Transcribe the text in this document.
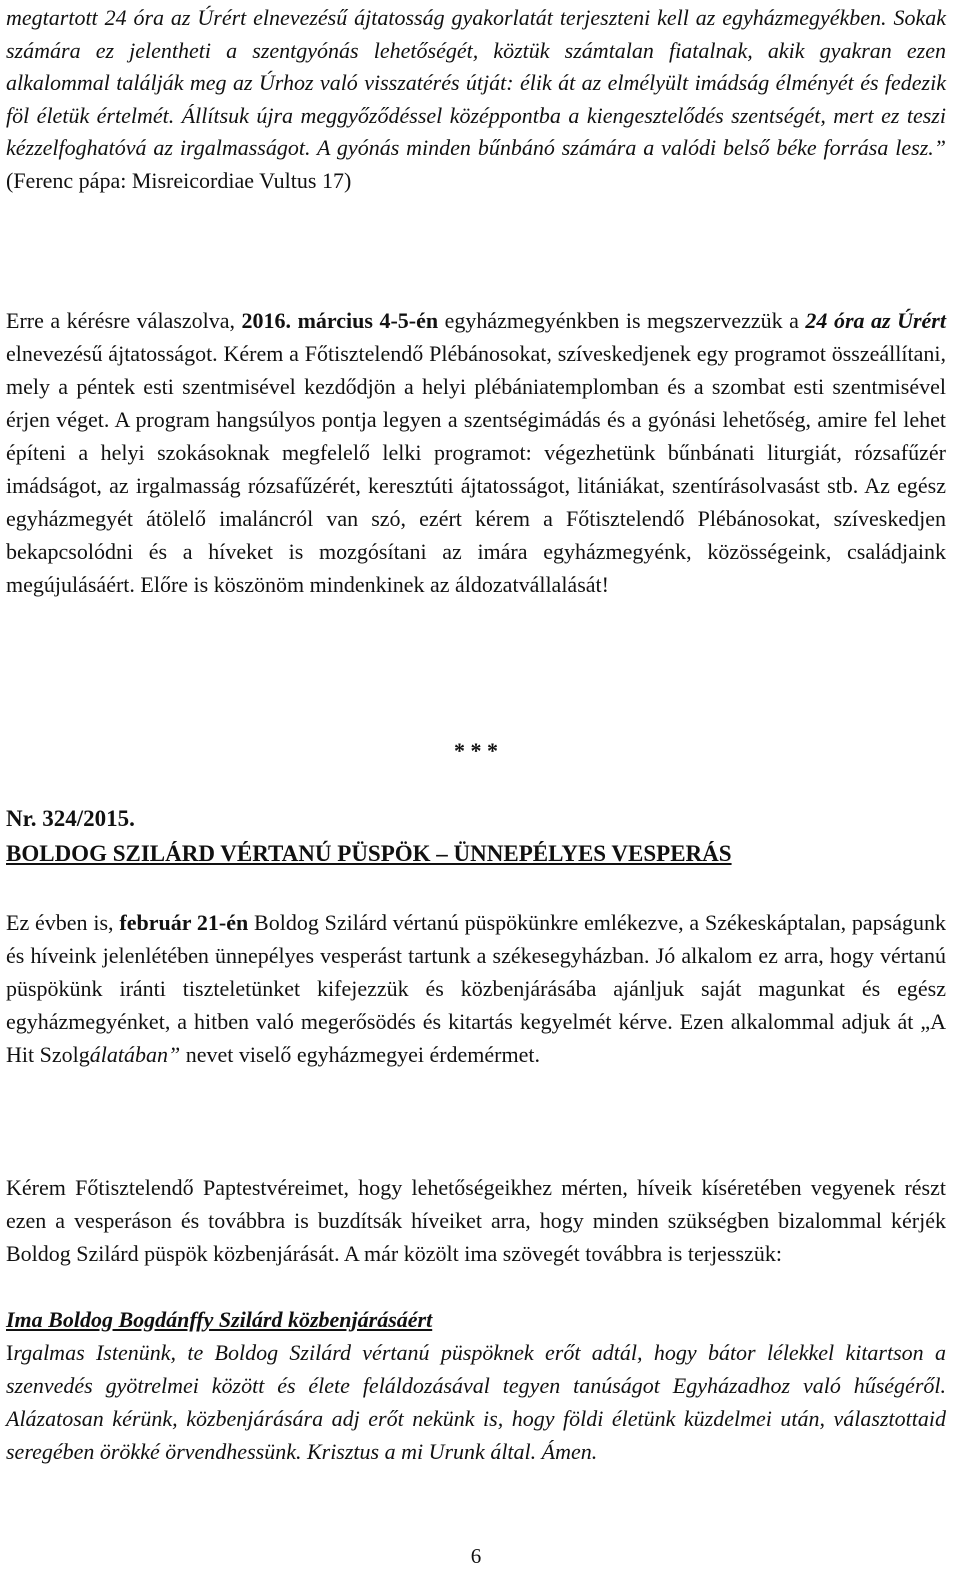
megtartott 24 óra az Úrért elnevezésű ájtatosság gyakorlatát terjeszteni kell az egyházmegyékben. Sokak számára ez jelentheti a szentgyónás lehetőségét, köztük számtalan fiatalnak, akik gyakran ezen alkalommal találják meg az Úrhoz való visszatérés útját: élik át az elmélyült imádság élményét és fedezik föl életük értelmét. Állítsuk újra meggyőződéssel középpontba a kiengesztelődés szentségét, mert ez teszi kézzelfoghatóvá az irgalmasságot. A gyónás minden bűnbánó számára a valódi belső béke forrása lesz.” (Ferenc pápa: Misreicordiae Vultus 17)
Erre a kérésre válaszolva, 2016. március 4-5-én egyházmegyénkben is megszervezzük a 24 óra az Úrért elnevezésű ájtatosságot. Kérem a Főtisztelendő Plébánosokat, szíveskedjenek egy programot összeállítani, mely a péntek esti szentmisével kezdődjön a helyi plébániatemplomban és a szombat esti szentmisével érjen véget. A program hangsúlyos pontja legyen a szentségimádás és a gyónási lehetőség, amire fel lehet építeni a helyi szokásoknak megfelelő lelki programot: végezhetünk bűnbánati liturgiát, rózsafűzér imádságot, az irgalmasság rózsafűzérét, keresztúti ájtatosságot, litániákat, szentírásolvasást stb. Az egész egyházmegyét átölelő imaláncról van szó, ezért kérem a Főtisztelendő Plébánosokat, szíveskedjen bekapcsolódni és a híveket is mozgósítani az imára egyházmegyénk, közösségeink, családjaink megújulásáért. Előre is köszönöm mindenkinek az áldozatvállalását!
* * *
Nr. 324/2015.
BOLDOG SZILÁRD VÉRTANÚ PÜSPÖK – ÜNNEPÉLYES VESPERÁS
Ez évben is, február 21-én Boldog Szilárd vértanú püspökünkre emlékezve, a Székeskáptalan, papságunk és híveink jelenlétében ünnepélyes vesperást tartunk a székesegyházban. Jó alkalom ez arra, hogy vértanú püspökünk iránti tiszteletünket kifejezzük és közbenjárásába ajánljuk saját magunkat és egész egyházmegyénket, a hitben való megerősödés és kitartás kegyelmét kérve. Ezen alkalommal adjuk át „A Hit Szolgálatában” nevet viselő egyházmegyei érdemérmet.
Kérem Főtisztelendő Paptestvéreimet, hogy lehetőségeikhez mérten, híveik kíséretében vegyenek részt ezen a vesperáson és továbbra is buzdítsák híveiket arra, hogy minden szükségben bizalommal kérjék Boldog Szilárd püspök közbenjárását. A már közölt ima szövegét továbbra is terjesszük:
Ima Boldog Bogdánffy Szilárd közbenjárásáért
Irgalmas Istenünk, te Boldog Szilárd vértanú püspöknek erőt adtál, hogy bátor lélekkel kitartson a szenvedés gyötrelmei között és élete feláldozásával tegyen tanúságot Egyházadhoz való hűségéről. Alázatosan kérünk, közbenjárására adj erőt nekünk is, hogy földi életünk küzdelmei után, választottaid seregében örökké örvendhessünk. Krisztus a mi Urunk által. Ámen.
6
